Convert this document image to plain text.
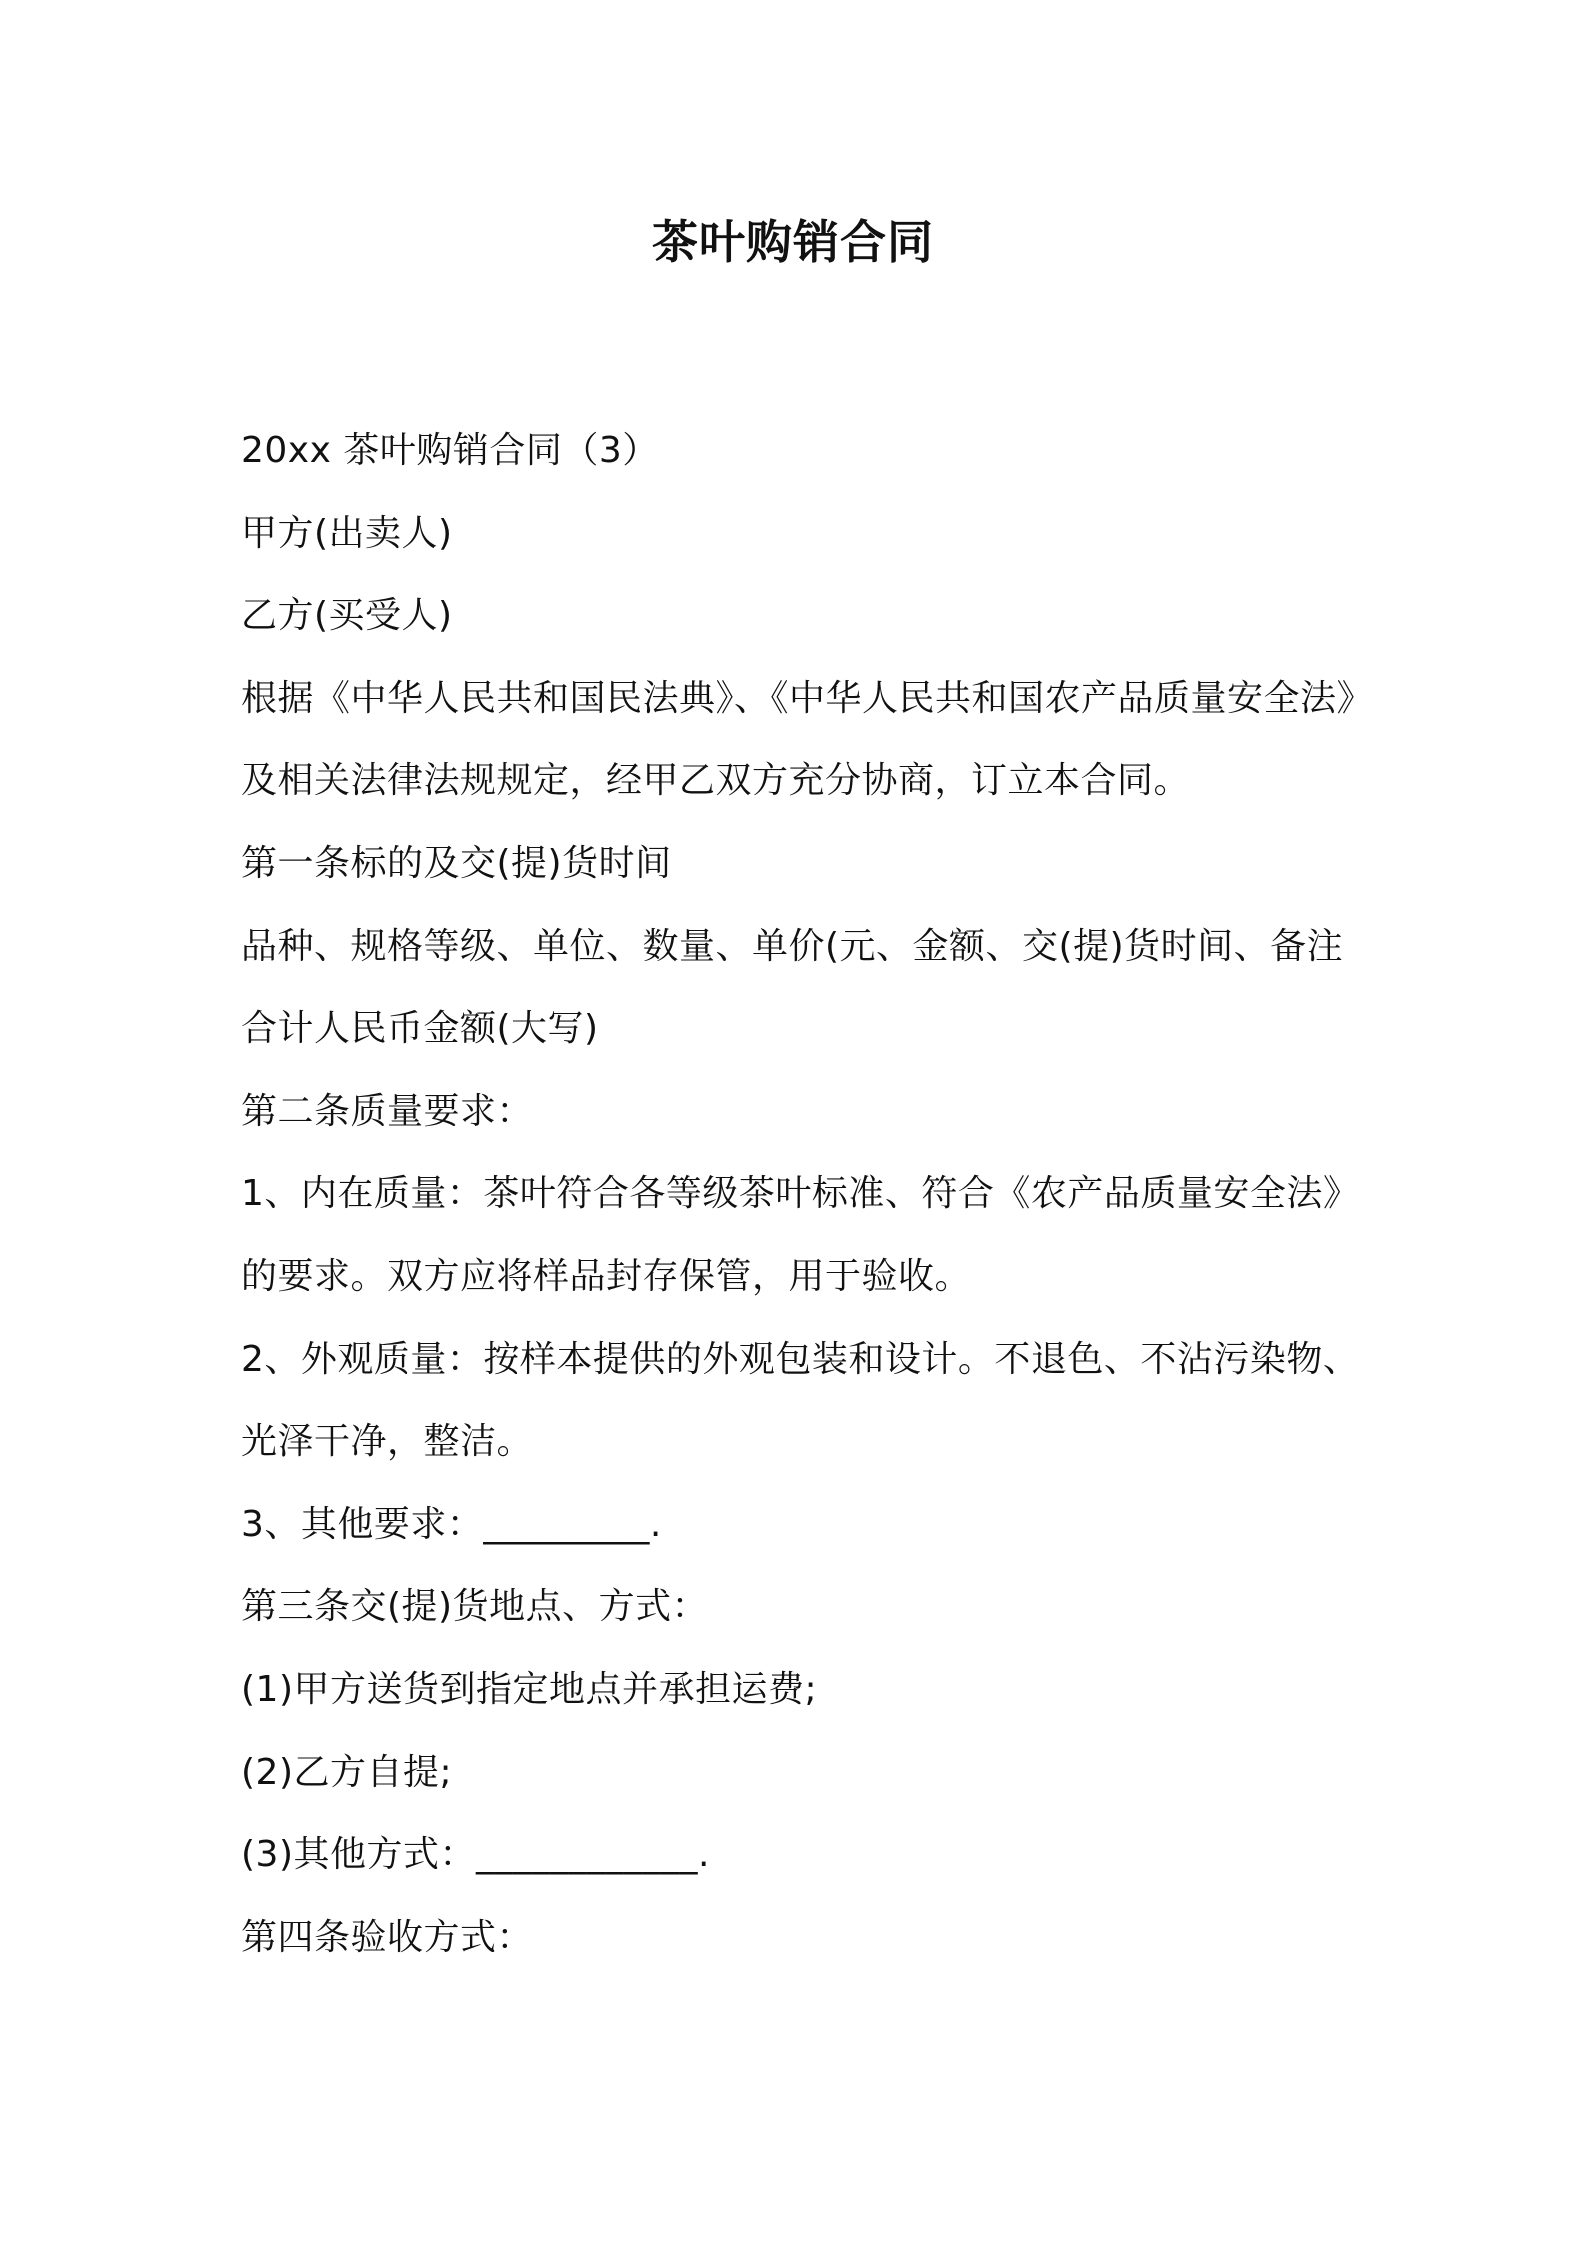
茶叶购销合同
20xx 茶叶购销合同（3）
甲方(出卖人)
乙方(买受人)
根据《中华人民共和国民法典》、《中华人民共和国农产品质量安全法》
及相关法律法规规定，经甲乙双方充分协商，订立本合同。
第一条标的及交(提)货时间
品种、规格等级、单位、数量、单价(元、金额、交(提)货时间、备注
合计人民币金额(大写)
第二条质量要求：
1、内在质量：茶叶符合各等级茶叶标准、符合《农产品质量安全法》
的要求。双方应将样品封存保管，用于验收。
2、外观质量：按样本提供的外观包装和设计。不退色、不沾污染物、
光泽干净，整洁。
3、其他要求：_________.
第三条交(提)货地点、方式：
(1)甲方送货到指定地点并承担运费;
(2)乙方自提;
(3)其他方式：____________.
第四条验收方式：
